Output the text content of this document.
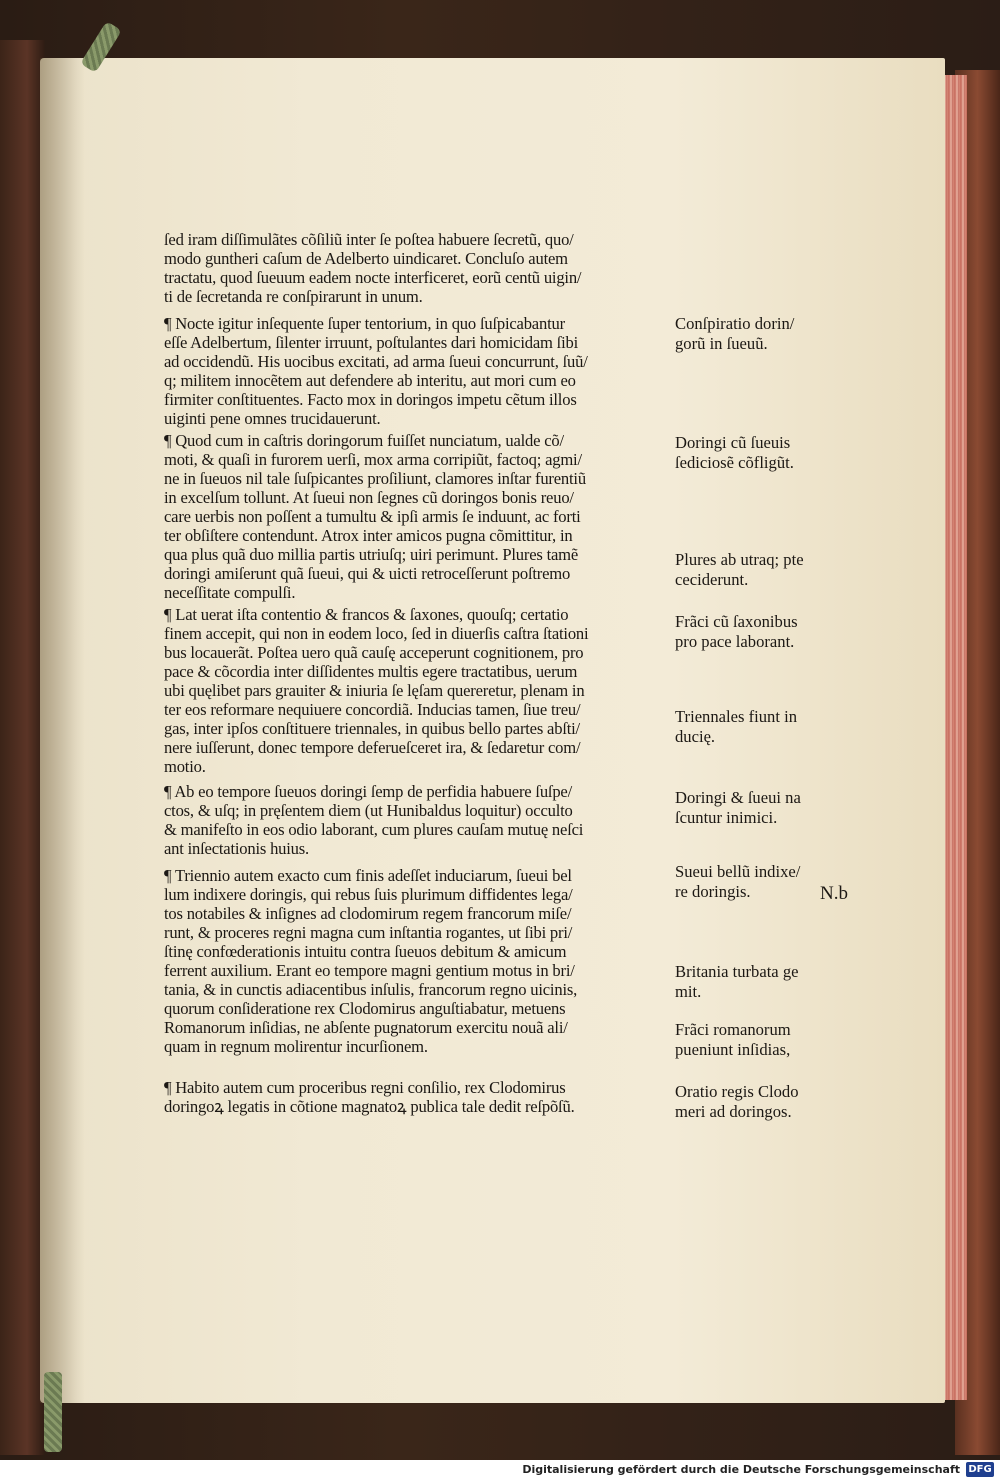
ſed iram diſſimulãtes cõſiliũ inter ſe poſtea habuere ſecretũ, quo/
modo guntheri caſum de Adelberto uindicaret. Concluſo autem
tractatu, quod ſueuum eadem nocte interficeret, eorũ centũ uigin/
ti de ſecretanda re conſpirarunt in unum.
¶ Nocte igitur inſequente ſuper tentorium, in quo ſuſpicabantur
eſſe Adelbertum, ſilenter irruunt, poſtulantes dari homicidam ſibi
ad occidendũ. His uocibus excitati, ad arma ſueui concurrunt, ſuũ/
q; militem innocẽtem aut defendere ab interitu, aut mori cum eo
firmiter conſtituentes. Facto mox in doringos impetu cẽtum illos
uiginti pene omnes trucidauerunt.
¶ Quod cum in caſtris doringorum fuiſſet nunciatum, ualde cõ/
moti, & quaſi in furorem uerſi, mox arma corripiũt, factoq; agmi/
ne in ſueuos nil tale ſuſpicantes proſiliunt, clamores inſtar furentiũ
in excelſum tollunt. At ſueui non ſegnes cũ doringos bonis reuo/
care uerbis non poſſent a tumultu & ipſi armis ſe induunt, ac forti
ter obſiſtere contendunt. Atrox inter amicos pugna cõmittitur, in
qua plus quã duo millia partis utriuſq; uiri perimunt. Plures tamẽ
doringi amiſerunt quã ſueui, qui & uicti retroceſſerunt poſtremo
neceſſitate compulſi.
¶ Lat uerat iſta contentio & francos & ſaxones, quouſq; certatio
finem accepit, qui non in eodem loco, ſed in diuerſis caſtra ſtationi
bus locauerãt. Poſtea uero quã cauſę acceperunt cognitionem, pro
pace & cõcordia inter diſſidentes multis egere tractatibus, uerum
ubi quęlibet pars grauiter & iniuria ſe lęſam quereretur, plenam in
ter eos reformare nequiuere concordiã. Inducias tamen, ſiue treu/
gas, inter ipſos conſtituere triennales, in quibus bello partes abſti/
nere iuſſerunt, donec tempore deferueſceret ira, & ſedaretur com/
motio.
¶ Ab eo tempore ſueuos doringi ſemp de perfidia habuere ſuſpe/
ctos, & uſq; in pręſentem diem (ut Hunibaldus loquitur) occulto
& manifeſto in eos odio laborant, cum plures cauſam mutuę neſci
ant inſectationis huius.
¶ Triennio autem exacto cum finis adeſſet induciarum, ſueui bel
lum indixere doringis, qui rebus ſuis plurimum diffidentes lega/
tos notabiles & inſignes ad clodomirum regem francorum miſe/
runt, & proceres regni magna cum inſtantia rogantes, ut ſibi pri/
ſtinę confœderationis intuitu contra ſueuos debitum & amicum
ferrent auxilium. Erant eo tempore magni gentium motus in bri/
tania, & in cunctis adiacentibus inſulis, francorum regno uicinis,
quorum conſideratione rex Clodomirus anguſtiabatur, metuens
Romanorum inſidias, ne abſente pugnatorum exercitu nouã ali/
quam in regnum molirentur incurſionem.
¶ Habito autem cum proceribus regni conſilio, rex Clodomirus
doringoꝝ legatis in cõtione magnatoꝝ publica tale dedit reſpõſũ.
Conſpiratio dorin/
gorũ in ſueuũ.
Doringi cũ ſueuis
ſediciosẽ cõfligũt.
Plures ab utraq; pte
ceciderunt.
Frãci cũ ſaxonibus
pro pace laborant.
Triennales fiunt in
ducię.
Doringi & ſueui na
ſcuntur inimici.
Sueui bellũ indixe/
re doringis.
Britania turbata ge
mit.
Frãci romanorum
pueniunt inſidias,
Oratio regis Clodo
meri ad doringos.
N.b
Digitalisierung gefördert durch die Deutsche Forschungsgemeinschaft DFG
